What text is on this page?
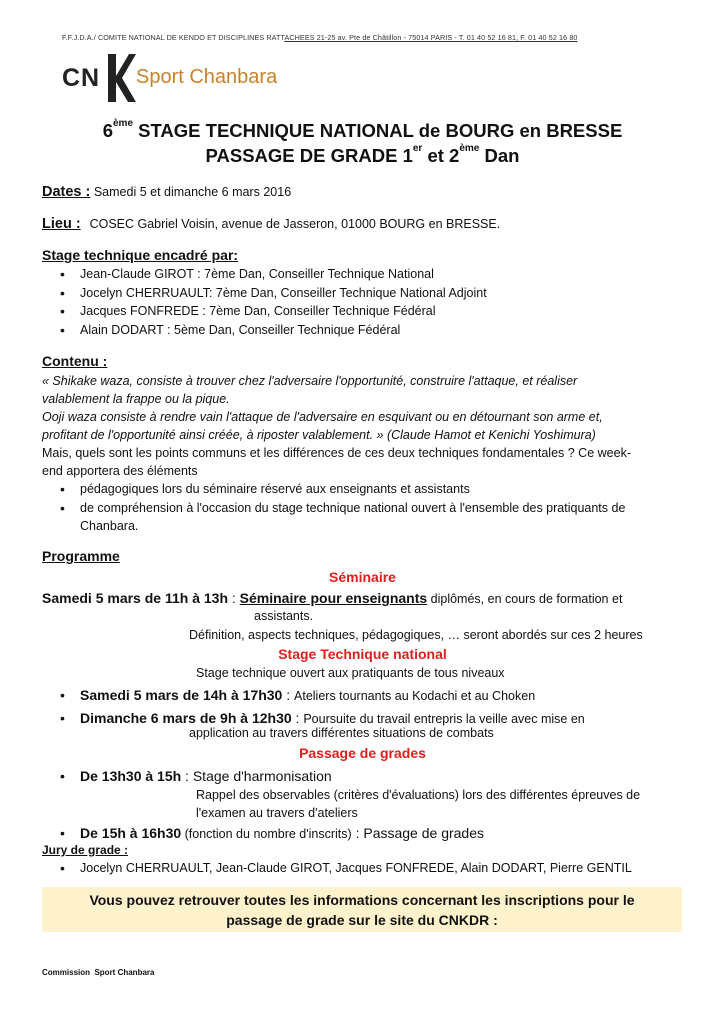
F.F.J.D.A./ COMITE NATIONAL DE KENDO ET DISCIPLINES RATTACHEES 21-25 av. Pte de Châtillon - 75014 PARIS - T. 01 40 52 16 81, F. 01 40 52 16 80
CN Sport Chanbara
6ème STAGE TECHNIQUE NATIONAL de BOURG en BRESSE
PASSAGE DE GRADE 1er et 2ème Dan
Dates : Samedi 5 et dimanche 6 mars 2016
Lieu : COSEC Gabriel Voisin, avenue de Jasseron, 01000 BOURG en BRESSE.
Stage technique encadré par:
• Jean-Claude GIROT : 7ème Dan, Conseiller Technique National
• Jocelyn CHERRUAULT: 7ème Dan, Conseiller Technique National Adjoint
• Jacques FONFREDE : 7ème Dan, Conseiller Technique Fédéral
• Alain DODART : 5ème Dan, Conseiller Technique Fédéral
Contenu :
« Shikake waza, consiste à trouver chez l'adversaire l'opportunité, construire l'attaque, et réaliser
valablement la frappe ou la pique.
Ooji waza consiste à rendre vain l'attaque de l'adversaire en esquivant ou en détournant son arme et,
profitant de l'opportunité ainsi créée, à riposter valablement. » (Claude Hamot et Kenichi Yoshimura)
Mais, quels sont les points communs et les différences de ces deux techniques fondamentales ? Ce week-
end apportera des éléments
• pédagogiques lors du séminaire réservé aux enseignants et assistants
• de compréhension à l'occasion du stage technique national ouvert à l'ensemble des pratiquants de Chanbara.
Programme
Séminaire
Samedi 5 mars de 11h à 13h : Séminaire pour enseignants diplômés, en cours de formation et
assistants.
Définition, aspects techniques, pédagogiques, … seront abordés sur ces 2 heures
Stage Technique national
Stage technique ouvert aux pratiquants de tous niveaux
• Samedi 5 mars de 14h à 17h30 : Ateliers tournants au Kodachi et au Choken
• Dimanche 6 mars de 9h à 12h30 : Poursuite du travail entrepris la veille avec mise en
application au travers différentes situations de combats
Passage de grades
• De 13h30 à 15h : Stage d'harmonisation
Rappel des observables (critères d'évaluations) lors des différentes épreuves de
l'examen au travers d'ateliers
• De 15h à 16h30 (fonction du nombre d'inscrits) : Passage de grades
Jury de grade :
• Jocelyn CHERRUAULT, Jean-Claude GIROT, Jacques FONFREDE, Alain DODART, Pierre GENTIL
Vous pouvez retrouver toutes les informations concernant les inscriptions pour le
passage de grade sur le site du CNKDR :
Commission  Sport Chanbara
